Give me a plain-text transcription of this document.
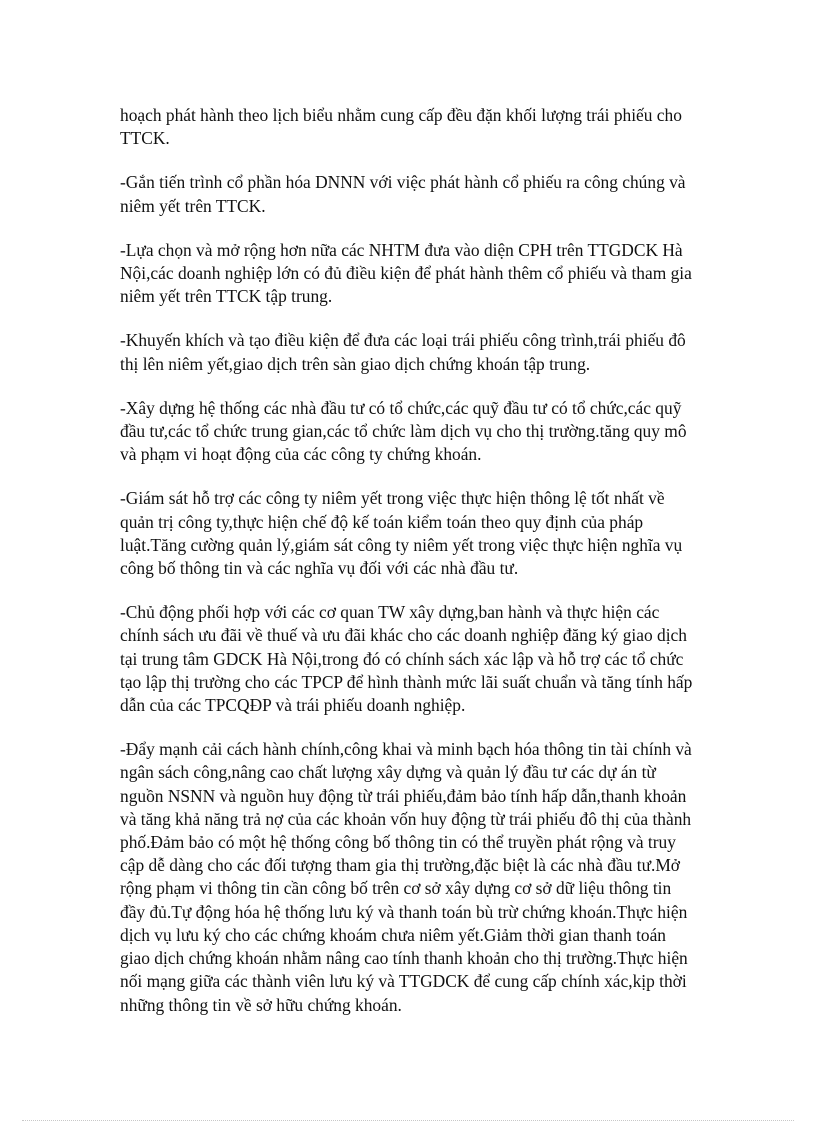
hoạch phát hành theo lịch biểu nhằm cung cấp đều đặn khối lượng trái phiếu cho TTCK.

-Gắn tiến trình cổ phần hóa DNNN với việc phát hành cổ phiếu ra công chúng và niêm yết trên TTCK.

-Lựa chọn và mở rộng hơn nữa các NHTM đưa vào diện CPH trên TTGDCK Hà Nội,các doanh nghiệp lớn có đủ điều kiện để phát hành thêm cổ phiếu và tham gia niêm yết trên TTCK tập trung.

-Khuyến khích và tạo điều kiện để đưa các loại trái phiếu công trình,trái phiếu đô thị lên niêm yết,giao dịch trên sàn giao dịch chứng khoán tập trung.

-Xây dựng hệ thống các nhà đầu tư có tổ chức,các quỹ đầu tư có tổ chức,các quỹ đầu tư,các tổ chức trung gian,các tổ chức làm dịch vụ cho thị trường.tăng quy mô và phạm vi hoạt động của các công ty chứng khoán.

-Giám sát hỗ trợ các công ty niêm yết trong việc thực hiện thông lệ tốt nhất về quản trị công ty,thực hiện chế độ kế toán kiểm toán theo quy định của pháp luật.Tăng cường quản lý,giám sát công ty niêm yết trong việc thực hiện nghĩa vụ công bố thông tin và các nghĩa vụ đối với các nhà đầu tư.

-Chủ động phối hợp với các cơ quan TW xây dựng,ban hành và thực hiện các chính sách ưu đãi về thuế và ưu đãi khác cho các doanh nghiệp đăng ký giao dịch tại trung tâm GDCK Hà Nội,trong đó có chính sách xác lập và hỗ trợ các tổ chức tạo lập thị trường cho các TPCP để hình thành mức lãi suất chuẩn và tăng tính hấp dẫn của các TPCQĐP và trái phiếu doanh nghiệp.

-Đẩy mạnh cải cách hành chính,công khai và minh bạch hóa thông tin tài chính và ngân sách công,nâng cao chất lượng xây dựng và quản lý đầu tư các dự án từ nguồn NSNN và nguồn huy động từ trái phiếu,đảm bảo tính hấp dẫn,thanh khoản và tăng khả năng trả nợ của các khoản vốn huy động từ trái phiếu đô thị của thành phố.Đảm bảo có một hệ thống công bố thông tin có thể truyền phát rộng và truy cập dễ dàng cho các đối tượng tham gia thị trường,đặc biệt là các nhà đầu tư.Mở rộng phạm vi thông tin cần công bố trên cơ sở xây dựng cơ sở dữ liệu thông tin đầy đủ.Tự động hóa hệ thống lưu ký và thanh toán bù trừ chứng khoán.Thực hiện dịch vụ lưu ký cho các chứng khoám chưa niêm yết.Giảm thời gian thanh toán giao dịch chứng khoán nhằm nâng cao tính thanh khoản cho thị trường.Thực hiện nối mạng giữa các thành viên lưu ký và TTGDCK để cung cấp chính xác,kịp thời những thông tin về sở hữu chứng khoán.
